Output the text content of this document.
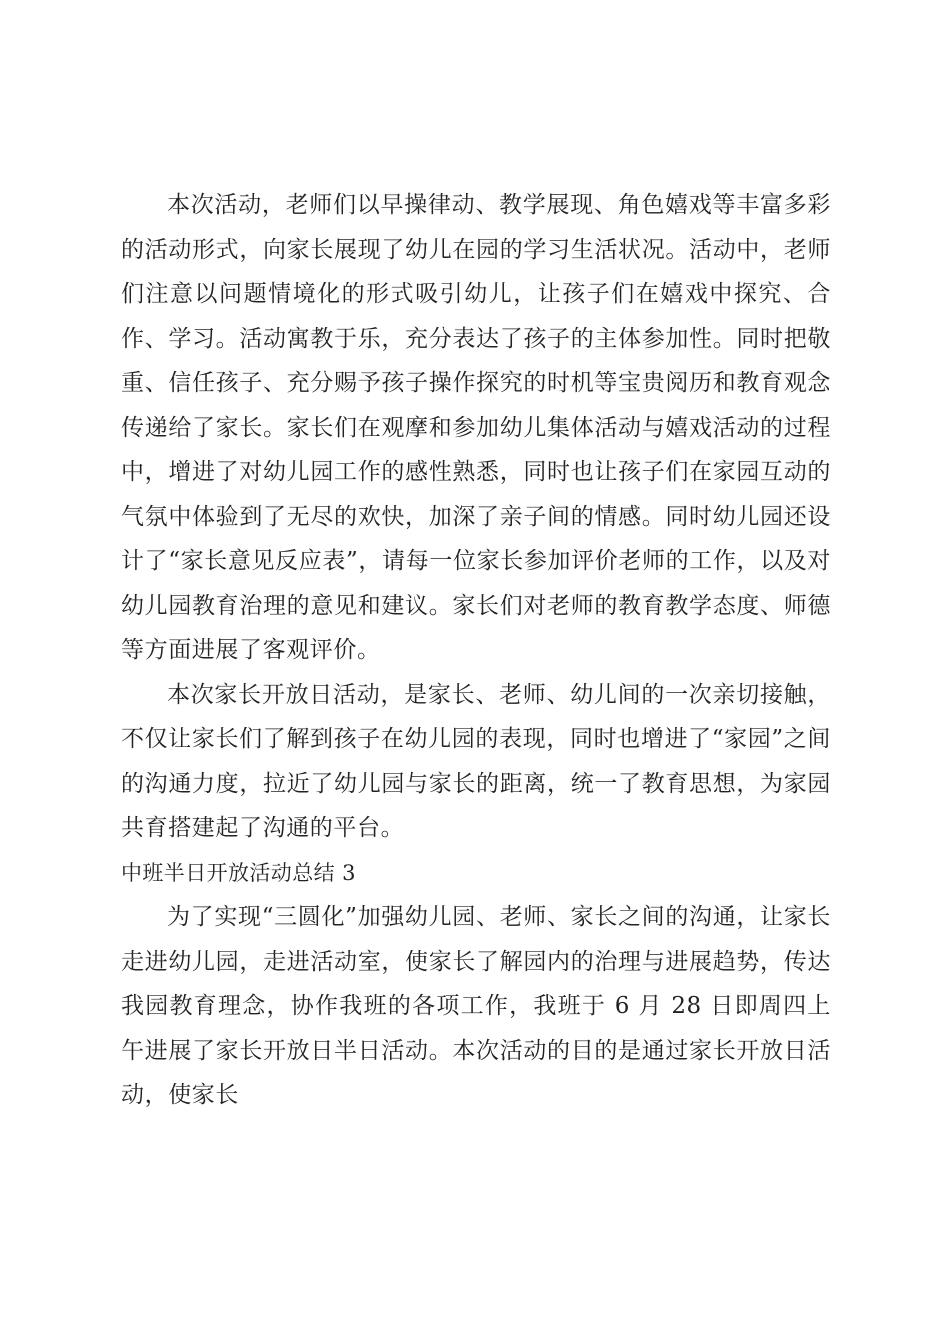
本次活动，老师们以早操律动、教学展现、角色嬉戏等丰富多彩的活动形式，向家长展现了幼儿在园的学习生活状况。活动中，老师们注意以问题情境化的形式吸引幼儿，让孩子们在嬉戏中探究、合作、学习。活动寓教于乐，充分表达了孩子的主体参加性。同时把敬重、信任孩子、充分赐予孩子操作探究的时机等宝贵阅历和教育观念传递给了家长。家长们在观摩和参加幼儿集体活动与嬉戏活动的过程中，增进了对幼儿园工作的感性熟悉，同时也让孩子们在家园互动的气氛中体验到了无尽的欢快，加深了亲子间的情感。同时幼儿园还设计了“家长意见反应表”，请每一位家长参加评价老师的工作，以及对幼儿园教育治理的意见和建议。家长们对老师的教育教学态度、师德等方面进展了客观评价。

本次家长开放日活动，是家长、老师、幼儿间的一次亲切接触，不仅让家长们了解到孩子在幼儿园的表现，同时也增进了“家园”之间的沟通力度，拉近了幼儿园与家长的距离，统一了教育思想，为家园共育搭建起了沟通的平台。

中班半日开放活动总结 3

为了实现“三圆化”加强幼儿园、老师、家长之间的沟通，让家长走进幼儿园，走进活动室，使家长了解园内的治理与进展趋势，传达我园教育理念，协作我班的各项工作，我班于 6 月 28 日即周四上午进展了家长开放日半日活动。本次活动的目的是通过家长开放日活动，使家长
